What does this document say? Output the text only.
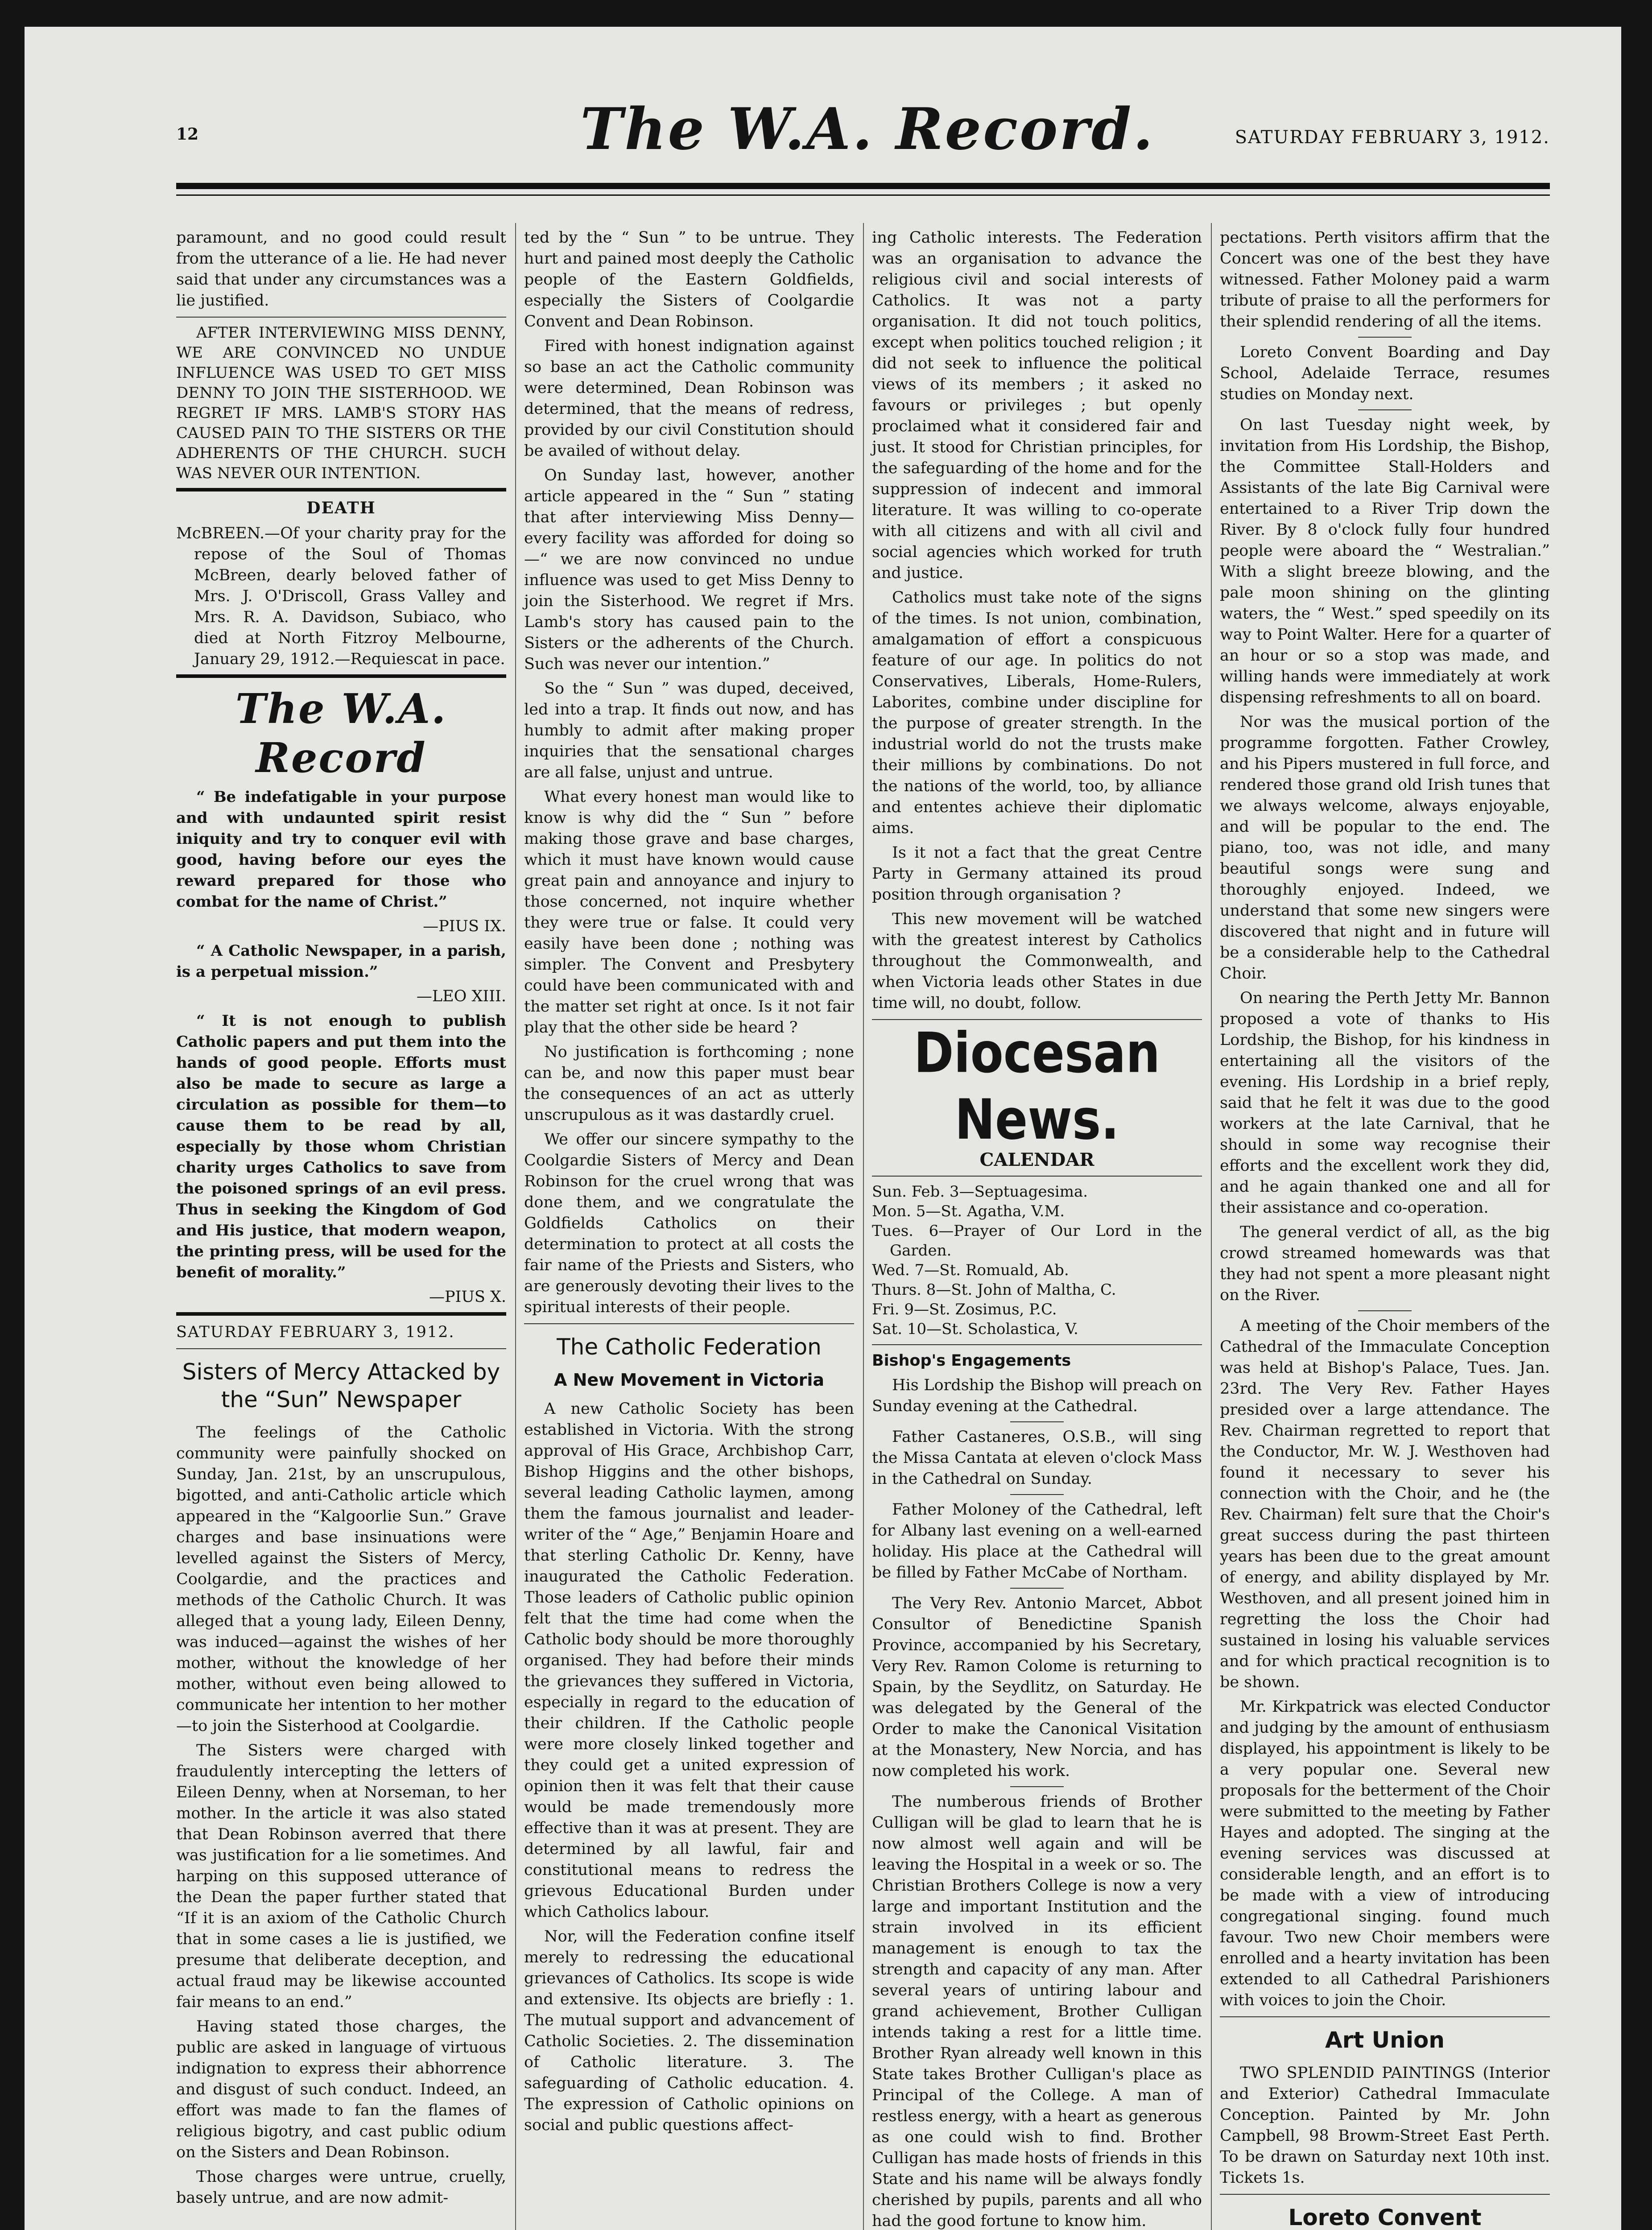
12	The W.A. Record.	SATURDAY FEBRUARY 3, 1912.

paramount, and no good could result from the utterance of a lie. He had never said that under any circumstances was a lie justified.

AFTER INTERVIEWING MISS DENNY, WE ARE CONVINCED NO UNDUE INFLUENCE WAS USED TO GET MISS DENNY TO JOIN THE SISTERHOOD. WE REGRET IF MRS. LAMB'S STORY HAS CAUSED PAIN TO THE SISTERS OR THE ADHERENTS OF THE CHURCH. SUCH WAS NEVER OUR INTENTION.

DEATH

McBREEN.—Of your charity pray for the repose of the Soul of Thomas McBreen, dearly beloved father of Mrs. J. O'Driscoll, Grass Valley and Mrs. R. A. Davidson, Subiaco, who died at North Fitzroy Melbourne, January 29, 1912.—Requiescat in pace.

The W.A. Record

“ Be indefatigable in your purpose and with undaunted spirit resist iniquity and try to conquer evil with good, having before our eyes the reward prepared for those who combat for the name of Christ.”

—PIUS IX.

“ A Catholic Newspaper, in a parish, is a perpetual mission.”

—LEO XIII.

“ It is not enough to publish Catholic papers and put them into the hands of good people. Efforts must also be made to secure as large a circulation as possible for them—to cause them to be read by all, especially by those whom Christian charity urges Catholics to save from the poisoned springs of an evil press. Thus in seeking the Kingdom of God and His justice, that modern weapon, the printing press, will be used for the benefit of morality.”

—PIUS X.

SATURDAY FEBRUARY 3, 1912.

Sisters of Mercy Attacked by the “Sun” Newspaper

The feelings of the Catholic community were painfully shocked on Sunday, Jan. 21st, by an unscrupulous, bigotted, and anti-Catholic article which appeared in the “Kalgoorlie Sun.” Grave charges and base insinuations were levelled against the Sisters of Mercy, Coolgardie, and the practices and methods of the Catholic Church. It was alleged that a young lady, Eileen Denny, was induced—against the wishes of her mother, without the knowledge of her mother, without even being allowed to communicate her intention to her mother—to join the Sisterhood at Coolgardie.

The Sisters were charged with fraudulently intercepting the letters of Eileen Denny, when at Norseman, to her mother. In the article it was also stated that Dean Robinson averred that there was justification for a lie sometimes. And harping on this supposed utterance of the Dean the paper further stated that “If it is an axiom of the Catholic Church that in some cases a lie is justified, we presume that deliberate deception, and actual fraud may be likewise accounted fair means to an end.”

Having stated those charges, the public are asked in language of virtuous indignation to express their abhorrence and disgust of such conduct. Indeed, an effort was made to fan the flames of religious bigotry, and cast public odium on the Sisters and Dean Robinson.

Those charges were untrue, cruelly, basely untrue, and are now admit-

ted by the “ Sun ” to be untrue. They hurt and pained most deeply the Catholic people of the Eastern Goldfields, especially the Sisters of Coolgardie Convent and Dean Robinson.

Fired with honest indignation against so base an act the Catholic community were determined, Dean Robinson was determined, that the means of redress, provided by our civil Constitution should be availed of without delay.

On Sunday last, however, another article appeared in the “ Sun ” stating that after interviewing Miss Denny—every facility was afforded for doing so—“ we are now convinced no undue influence was used to get Miss Denny to join the Sisterhood. We regret if Mrs. Lamb's story has caused pain to the Sisters or the adherents of the Church. Such was never our intention.”

So the “ Sun ” was duped, deceived, led into a trap. It finds out now, and has humbly to admit after making proper inquiries that the sensational charges are all false, unjust and untrue.

What every honest man would like to know is why did the “ Sun ” before making those grave and base charges, which it must have known would cause great pain and annoyance and injury to those concerned, not inquire whether they were true or false. It could very easily have been done ; nothing was simpler. The Convent and Presbytery could have been communicated with and the matter set right at once. Is it not fair play that the other side be heard ?

No justification is forthcoming ; none can be, and now this paper must bear the consequences of an act as utterly unscrupulous as it was dastardly cruel.

We offer our sincere sympathy to the Coolgardie Sisters of Mercy and Dean Robinson for the cruel wrong that was done them, and we congratulate the Goldfields Catholics on their determination to protect at all costs the fair name of the Priests and Sisters, who are generously devoting their lives to the spiritual interests of their people.

The Catholic Federation
A New Movement in Victoria

A new Catholic Society has been established in Victoria. With the strong approval of His Grace, Archbishop Carr, Bishop Higgins and the other bishops, several leading Catholic laymen, among them the famous journalist and leader-writer of the “ Age,” Benjamin Hoare and that sterling Catholic Dr. Kenny, have inaugurated the Catholic Federation. Those leaders of Catholic public opinion felt that the time had come when the Catholic body should be more thoroughly organised. They had before their minds the grievances they suffered in Victoria, especially in regard to the education of their children. If the Catholic people were more closely linked together and they could get a united expression of opinion then it was felt that their cause would be made tremendously more effective than it was at present. They are determined by all lawful, fair and constitutional means to redress the grievous Educational Burden under which Catholics labour.

Nor, will the Federation confine itself merely to redressing the educational grievances of Catholics. Its scope is wide and extensive. Its objects are briefly : 1. The mutual support and advancement of Catholic Societies. 2. The dissemination of Catholic literature. 3. The safeguarding of Catholic education. 4. The expression of Catholic opinions on social and public questions affect-

ing Catholic interests. The Federation was an organisation to advance the religious civil and social interests of Catholics. It was not a party organisation. It did not touch politics, except when politics touched religion ; it did not seek to influence the political views of its members ; it asked no favours or privileges ; but openly proclaimed what it considered fair and just. It stood for Christian principles, for the safeguarding of the home and for the suppression of indecent and immoral literature. It was willing to co-operate with all citizens and with all civil and social agencies which worked for truth and justice.

Catholics must take note of the signs of the times. Is not union, combination, amalgamation of effort a conspicuous feature of our age. In politics do not Conservatives, Liberals, Home-Rulers, Laborites, combine under discipline for the purpose of greater strength. In the industrial world do not the trusts make their millions by combinations. Do not the nations of the world, too, by alliance and ententes achieve their diplomatic aims.

Is it not a fact that the great Centre Party in Germany attained its proud position through organisation ?

This new movement will be watched with the greatest interest by Catholics throughout the Commonwealth, and when Victoria leads other States in due time will, no doubt, follow.

Diocesan News.
CALENDAR
Sun. Feb. 3—Septuagesima.
Mon. 5—St. Agatha, V.M.
Tues. 6—Prayer of Our Lord in the Garden.
Wed. 7—St. Romuald, Ab.
Thurs. 8—St. John of Maltha, C.
Fri. 9—St. Zosimus, P.C.
Sat. 10—St. Scholastica, V.

Bishop's Engagements

His Lordship the Bishop will preach on Sunday evening at the Cathedral.

Father Castaneres, O.S.B., will sing the Missa Cantata at eleven o'clock Mass in the Cathedral on Sunday.

Father Moloney of the Cathedral, left for Albany last evening on a well-earned holiday. His place at the Cathedral will be filled by Father McCabe of Northam.

The Very Rev. Antonio Marcet, Abbot Consultor of Benedictine Spanish Province, accompanied by his Secretary, Very Rev. Ramon Colome is returning to Spain, by the Seydlitz, on Saturday. He was delegated by the General of the Order to make the Canonical Visitation at the Monastery, New Norcia, and has now completed his work.

The numberous friends of Brother Culligan will be glad to learn that he is now almost well again and will be leaving the Hospital in a week or so. The Christian Brothers College is now a very large and important Institution and the strain involved in its efficient management is enough to tax the strength and capacity of any man. After several years of untiring labour and grand achievement, Brother Culligan intends taking a rest for a little time. Brother Ryan already well known in this State takes Brother Culligan's place as Principal of the College. A man of restless energy, with a heart as generous as one could wish to find. Brother Culligan has made hosts of friends in this State and his name will be always fondly cherished by pupils, parents and all who had the good fortune to know him.

pectations. Perth visitors affirm that the Concert was one of the best they have witnessed. Father Moloney paid a warm tribute of praise to all the performers for their splendid rendering of all the items.

Loreto Convent Boarding and Day School, Adelaide Terrace, resumes studies on Monday next.

On last Tuesday night week, by invitation from His Lordship, the Bishop, the Committee Stall-Holders and Assistants of the late Big Carnival were entertained to a River Trip down the River. By 8 o'clock fully four hundred people were aboard the “ Westralian.” With a slight breeze blowing, and the pale moon shining on the glinting waters, the “ West.” sped speedily on its way to Point Walter. Here for a quarter of an hour or so a stop was made, and willing hands were immediately at work dispensing refreshments to all on board.

Nor was the musical portion of the programme forgotten. Father Crowley, and his Pipers mustered in full force, and rendered those grand old Irish tunes that we always welcome, always enjoyable, and will be popular to the end. The piano, too, was not idle, and many beautiful songs were sung and thoroughly enjoyed. Indeed, we understand that some new singers were discovered that night and in future will be a considerable help to the Cathedral Choir.

On nearing the Perth Jetty Mr. Bannon proposed a vote of thanks to His Lordship, the Bishop, for his kindness in entertaining all the visitors of the evening. His Lordship in a brief reply, said that he felt it was due to the good workers at the late Carnival, that he should in some way recognise their efforts and the excellent work they did, and he again thanked one and all for their assistance and co-operation.

The general verdict of all, as the big crowd streamed homewards was that they had not spent a more pleasant night on the River.

A meeting of the Choir members of the Cathedral of the Immaculate Conception was held at Bishop's Palace, Tues. Jan. 23rd. The Very Rev. Father Hayes presided over a large attendance. The Rev. Chairman regretted to report that the Conductor, Mr. W. J. Westhoven had found it necessary to sever his connection with the Choir, and he (the Rev. Chairman) felt sure that the Choir's great success during the past thirteen years has been due to the great amount of energy, and ability displayed by Mr. Westhoven, and all present joined him in regretting the loss the Choir had sustained in losing his valuable services and for which practical recognition is to be shown.

Mr. Kirkpatrick was elected Conductor and judging by the amount of enthusiasm displayed, his appointment is likely to be a very popular one. Several new proposals for the betterment of the Choir were submitted to the meeting by Father Hayes and adopted. The singing at the evening services was discussed at considerable length, and an effort is to be made with a view of introducing congregational singing. found much favour. Two new Choir members were enrolled and a hearty invitation has been extended to all Cathedral Parishioners with voices to join the Choir.

Art Union

TWO SPLENDID PAINTINGS (Interior and Exterior) Cathedral Immaculate Conception. Painted by Mr. John Campbell, 98 Browm-Street East Perth. To be drawn on Saturday next 10th inst. Tickets 1s.

Loreto Convent
